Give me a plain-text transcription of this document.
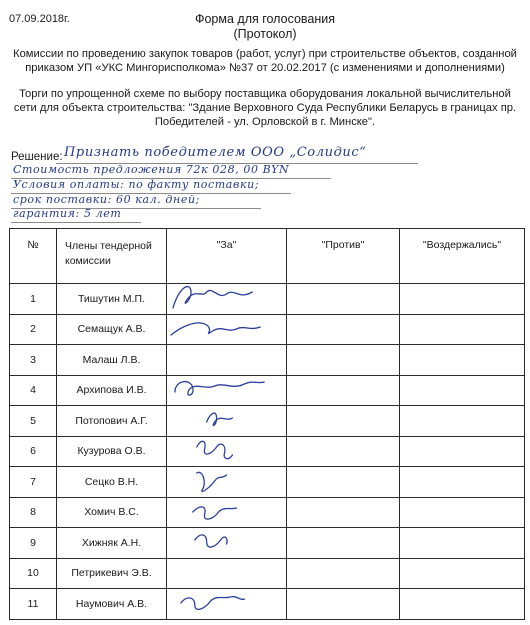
07.09.2018г.	Форма для голосования
(Протокол)
Комиссии по проведению закупок товаров (работ, услуг) при строительстве объектов, созданной
приказом УП «УКС Мингорисполкома» №37 от 20.02.2017 (с изменениями и дополнениями)
Торги по упрощенной схеме по выбору поставщика оборудования локальной вычислительной
сети для объекта строительства: "Здание Верховного Суда Республики Беларусь в границах пр.
Победителей - ул. Орловской в г. Минске".
Решение: Признать победителем ООО „Солидис“
Стоимость предложения 72к 028, 00 BYN
Условия оплаты: по факту поставки;
срок поставки: 60 кал. дней;
гарантия: 5 лет
№	Члены тендерной комиссии	"За"	"Против"	"Воздержались"
1	Тишутин М.П.	

2	Семащук А.В.	

3	Малаш Л.В.			
4	Архипова И.В.	

5	Потопович А.Г.	

6	Кузурова О.В.	

7	Сецко В.Н.	

8	Хомич В.С.	

9	Хижняк А.Н.	

10	Петрикевич Э.В.			
11	Наумович А.В.	
